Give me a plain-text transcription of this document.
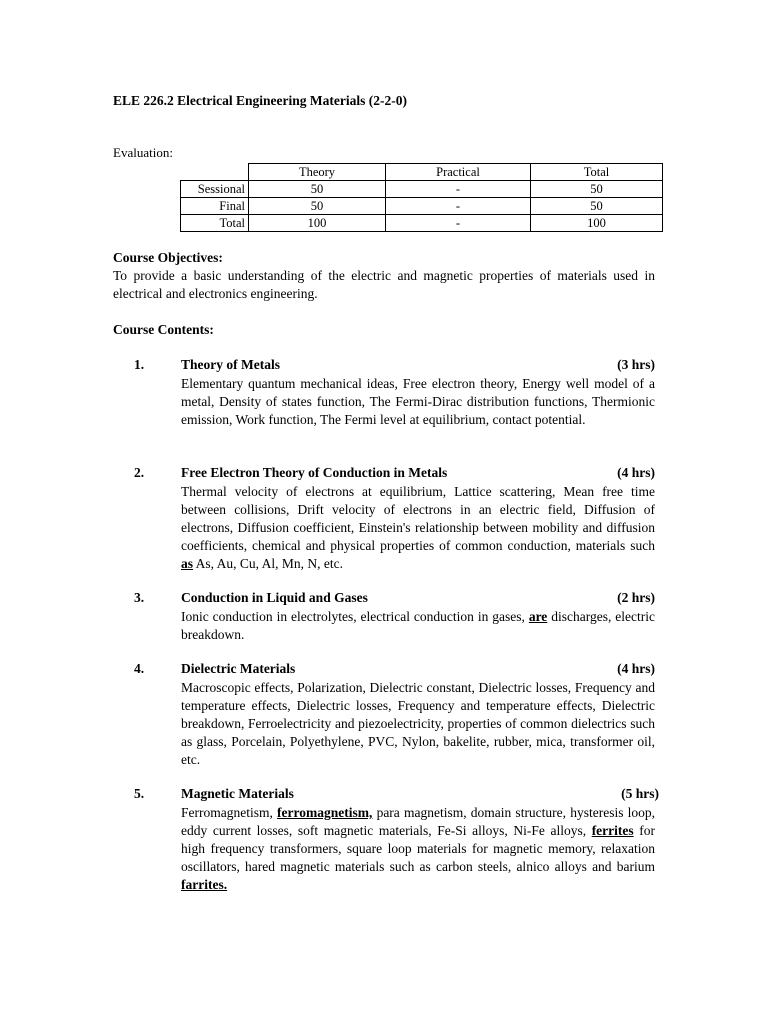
ELE 226.2 Electrical Engineering Materials (2-2-0)
Evaluation:
	Theory	Practical	Total
Sessional	50	-	50
Final	50	-	50
Total	100	-	100
Course Objectives:

To provide a basic understanding of the electric and magnetic properties of materials used in electrical and electronics engineering.

Course Contents:
1.	Theory of Metals	(3 hrs)

Elementary quantum mechanical ideas, Free electron theory, Energy well model of a metal, Density of states function, The Fermi-Dirac distribution functions, Thermionic emission, Work function, The Fermi level at equilibrium, contact potential.

2.	Free Electron Theory of Conduction in Metals	(4 hrs)

Thermal velocity of electrons at equilibrium, Lattice scattering, Mean free time between collisions, Drift velocity of electrons in an electric field, Diffusion of electrons, Diffusion coefficient, Einstein's relationship between mobility and diffusion coefficients, chemical and physical properties of common conduction, materials such as As, Au, Cu, Al, Mn, N, etc.

3.	Conduction in Liquid and Gases	(2 hrs)

Ionic conduction in electrolytes, electrical conduction in gases, are discharges, electric breakdown.

4.	Dielectric Materials	(4 hrs)

Macroscopic effects, Polarization, Dielectric constant, Dielectric losses, Frequency and temperature effects, Dielectric losses, Frequency and temperature effects, Dielectric breakdown, Ferroelectricity and piezoelectricity, properties of common dielectrics such as glass, Porcelain, Polyethylene, PVC, Nylon, bakelite, rubber, mica, transformer oil, etc.

5.	Magnetic Materials	(5 hrs)

Ferromagnetism, ferromagnetism, para magnetism, domain structure, hysteresis loop, eddy current losses, soft magnetic materials, Fe-Si alloys, Ni-Fe alloys, ferrites for high frequency transformers, square loop materials for magnetic memory, relaxation oscillators, hared magnetic materials such as carbon steels, alnico alloys and barium farrites.
